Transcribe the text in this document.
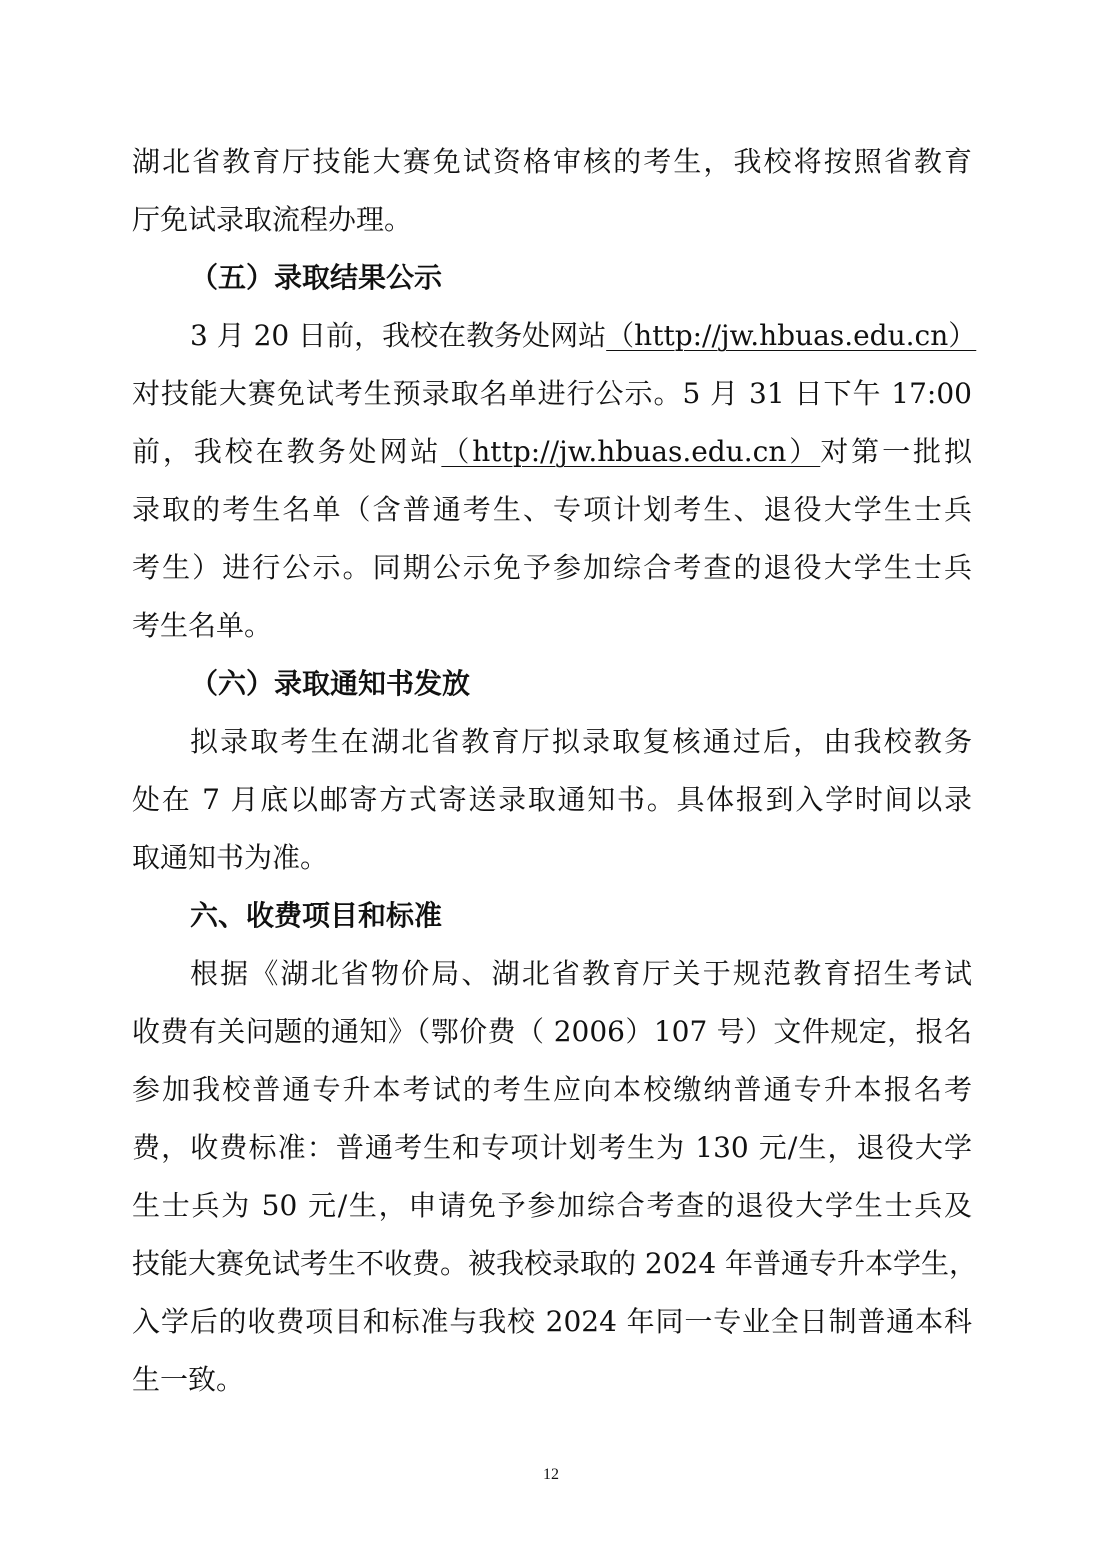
湖北省教育厅技能大赛免试资格审核的考生，我校将按照省教育
厅免试录取流程办理。
（五）录取结果公示
3 月 20 日前，我校在教务处网站（http://jw.hbuas.edu.cn）
对技能大赛免试考生预录取名单进行公示。5 月 31 日下午 17:00
前，我校在教务处网站（http://jw.hbuas.edu.cn）对第一批拟
录取的考生名单（含普通考生、专项计划考生、退役大学生士兵
考生）进行公示。同期公示免予参加综合考查的退役大学生士兵
考生名单。
（六）录取通知书发放
拟录取考生在湖北省教育厅拟录取复核通过后，由我校教务
处在 7 月底以邮寄方式寄送录取通知书。具体报到入学时间以录
取通知书为准。
六、收费项目和标准
根据《湖北省物价局、湖北省教育厅关于规范教育招生考试
收费有关问题的通知》（鄂价费（ 2006）107 号）文件规定，报名
参加我校普通专升本考试的考生应向本校缴纳普通专升本报名考
费，收费标准：普通考生和专项计划考生为 130 元/生，退役大学
生士兵为 50 元/生，申请免予参加综合考查的退役大学生士兵及
技能大赛免试考生不收费。被我校录取的 2024 年普通专升本学生，
入学后的收费项目和标准与我校 2024 年同一专业全日制普通本科
生一致。
12
